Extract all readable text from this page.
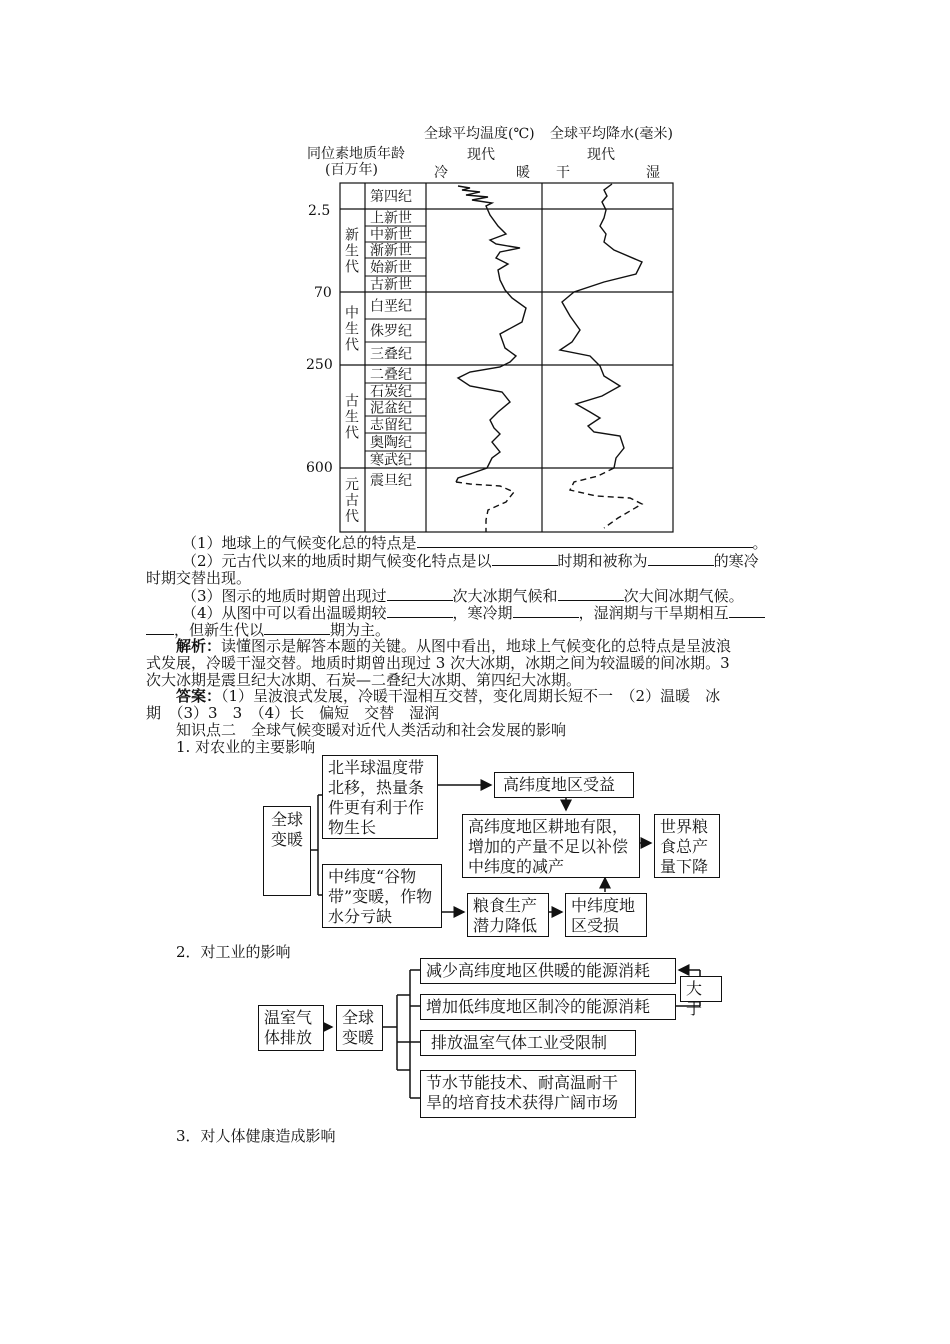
全球平均温度(℃) 全球平均降水(毫米)
同位素地质年龄
(百万年)
现代	现代
冷	暖 干	湿
2.5
70
250
600
新
生
代
中
生
代
古
生
代
元
古
代
第四纪
上新世
中新世
渐新世
始新世
古新世
白垩纪
侏罗纪
三叠纪
二叠纪
石炭纪
泥盆纪
志留纪
奥陶纪
寒武纪
震旦纪
（1）地球上的气候变化总的特点是	。
（2）元古代以来的地质时期气候变化特点是以	时期和被称为	的寒冷
时期交替出现。
（3）图示的地质时期曾出现过	次大冰期气候和	次大间冰期气候。
（4）从图中可以看出温暖期较	，寒冷期	，湿润期与干旱期相互
，但新生代以	期为主。
解析：读懂图示是解答本题的关键。从图中看出，地球上气候变化的总特点是呈波浪
式发展，冷暖干湿交替。地质时期曾出现过 3 次大冰期，冰期之间为较温暖的间冰期。3
次大冰期是震旦纪大冰期、石炭—二叠纪大冰期、第四纪大冰期。
答案：（1）呈波浪式发展，冷暖干湿相互交替，变化周期长短不一　（2）温暖　冰
期　（3）3　3　（4）长　偏短　交替　湿润
知识点二　全球气候变暖对近代人类活动和社会发展的影响
1. 对农业的主要影响
全球变暖
北半球温度带北移，热量条件更有利于作物生长
高纬度地区受益
高纬度地区耕地有限，增加的产量不足以补偿中纬度的减产
世界粮食总产量下降
中纬度“谷物带”变暖，作物水分亏缺
粮食生产潜力降低
中纬度地区受损
2．对工业的影响
温室气体排放
全球变暖
减少高纬度地区供暖的能源消耗
增加低纬度地区制冷的能源消耗
大于
排放温室气体工业受限制
节水节能技术、耐高温耐干旱的培育技术获得广阔市场
3．对人体健康造成影响
